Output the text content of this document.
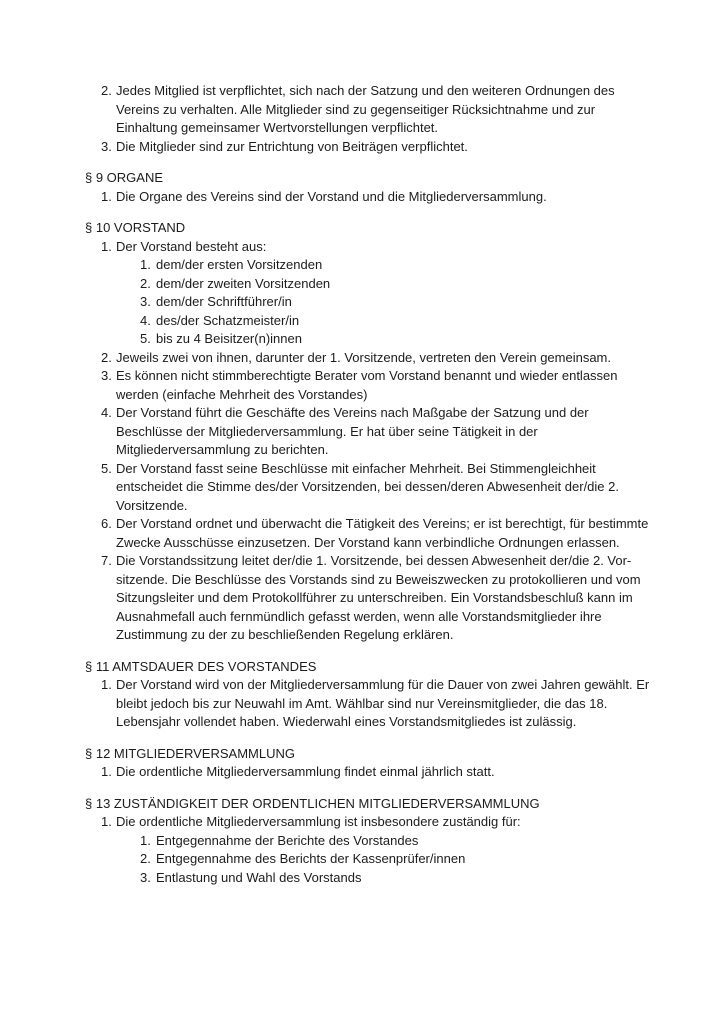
2. Jedes Mitglied ist verpflichtet, sich nach der Satzung und den weiteren Ordnungen des Vereins zu verhalten. Alle Mitglieder sind zu gegenseitiger Rücksichtnahme und zur Einhaltung gemeinsamer Wertvorstellungen verpflichtet.
3. Die Mitglieder sind zur Entrichtung von Beiträgen verpflichtet.
§ 9 ORGANE
1. Die Organe des Vereins sind der Vorstand und die Mitgliederversammlung.
§ 10 VORSTAND
1. Der Vorstand besteht aus:
1. dem/der ersten Vorsitzenden
2. dem/der zweiten Vorsitzenden
3. dem/der Schriftführer/in
4. des/der Schatzmeister/in
5. bis zu 4 Beisitzer(n)innen
2. Jeweils zwei von ihnen, darunter der 1. Vorsitzende, vertreten den Verein gemeinsam.
3. Es können nicht stimmberechtigte Berater vom Vorstand benannt und wieder entlassen werden (einfache Mehrheit des Vorstandes)
4. Der Vorstand führt die Geschäfte des Vereins nach Maßgabe der Satzung und der Beschlüsse der Mitgliederversammlung. Er hat über seine Tätigkeit in der Mitgliederversammlung zu berichten.
5. Der Vorstand fasst seine Beschlüsse mit einfacher Mehrheit. Bei Stimmengleichheit entscheidet die Stimme des/der Vorsitzenden, bei dessen/deren Abwesenheit der/die 2. Vorsitzende.
6. Der Vorstand ordnet und überwacht die Tätigkeit des Vereins; er ist berechtigt, für bestimmte Zwecke Ausschüsse einzusetzen. Der Vorstand kann verbindliche Ordnungen erlassen.
7. Die Vorstandssitzung leitet der/die 1. Vorsitzende, bei dessen Abwesenheit der/die 2. Vor- sitzende. Die Beschlüsse des Vorstands sind zu Beweiszwecken zu protokollieren und vom Sitzungsleiter und dem Protokollführer zu unterschreiben. Ein Vorstandsbeschluß kann im Ausnahmefall auch fernmündlich gefasst werden, wenn alle Vorstandsmitglieder ihre Zustimmung zu der zu beschließenden Regelung erklären.
§ 11 AMTSDAUER DES VORSTANDES
1. Der Vorstand wird von der Mitgliederversammlung für die Dauer von zwei Jahren gewählt. Er bleibt jedoch bis zur Neuwahl im Amt. Wählbar sind nur Vereinsmitglieder, die das 18. Lebensjahr vollendet haben. Wiederwahl eines Vorstandsmitgliedes ist zulässig.
§ 12 MITGLIEDERVERSAMMLUNG
1. Die ordentliche Mitgliederversammlung findet einmal jährlich statt.
§ 13 ZUSTÄNDIGKEIT DER ORDENTLICHEN MITGLIEDERVERSAMMLUNG
1. Die ordentliche Mitgliederversammlung ist insbesondere zuständig für:
1. Entgegennahme der Berichte des Vorstandes
2. Entgegennahme des Berichts der Kassenprüfer/innen
3. Entlastung und Wahl des Vorstands
